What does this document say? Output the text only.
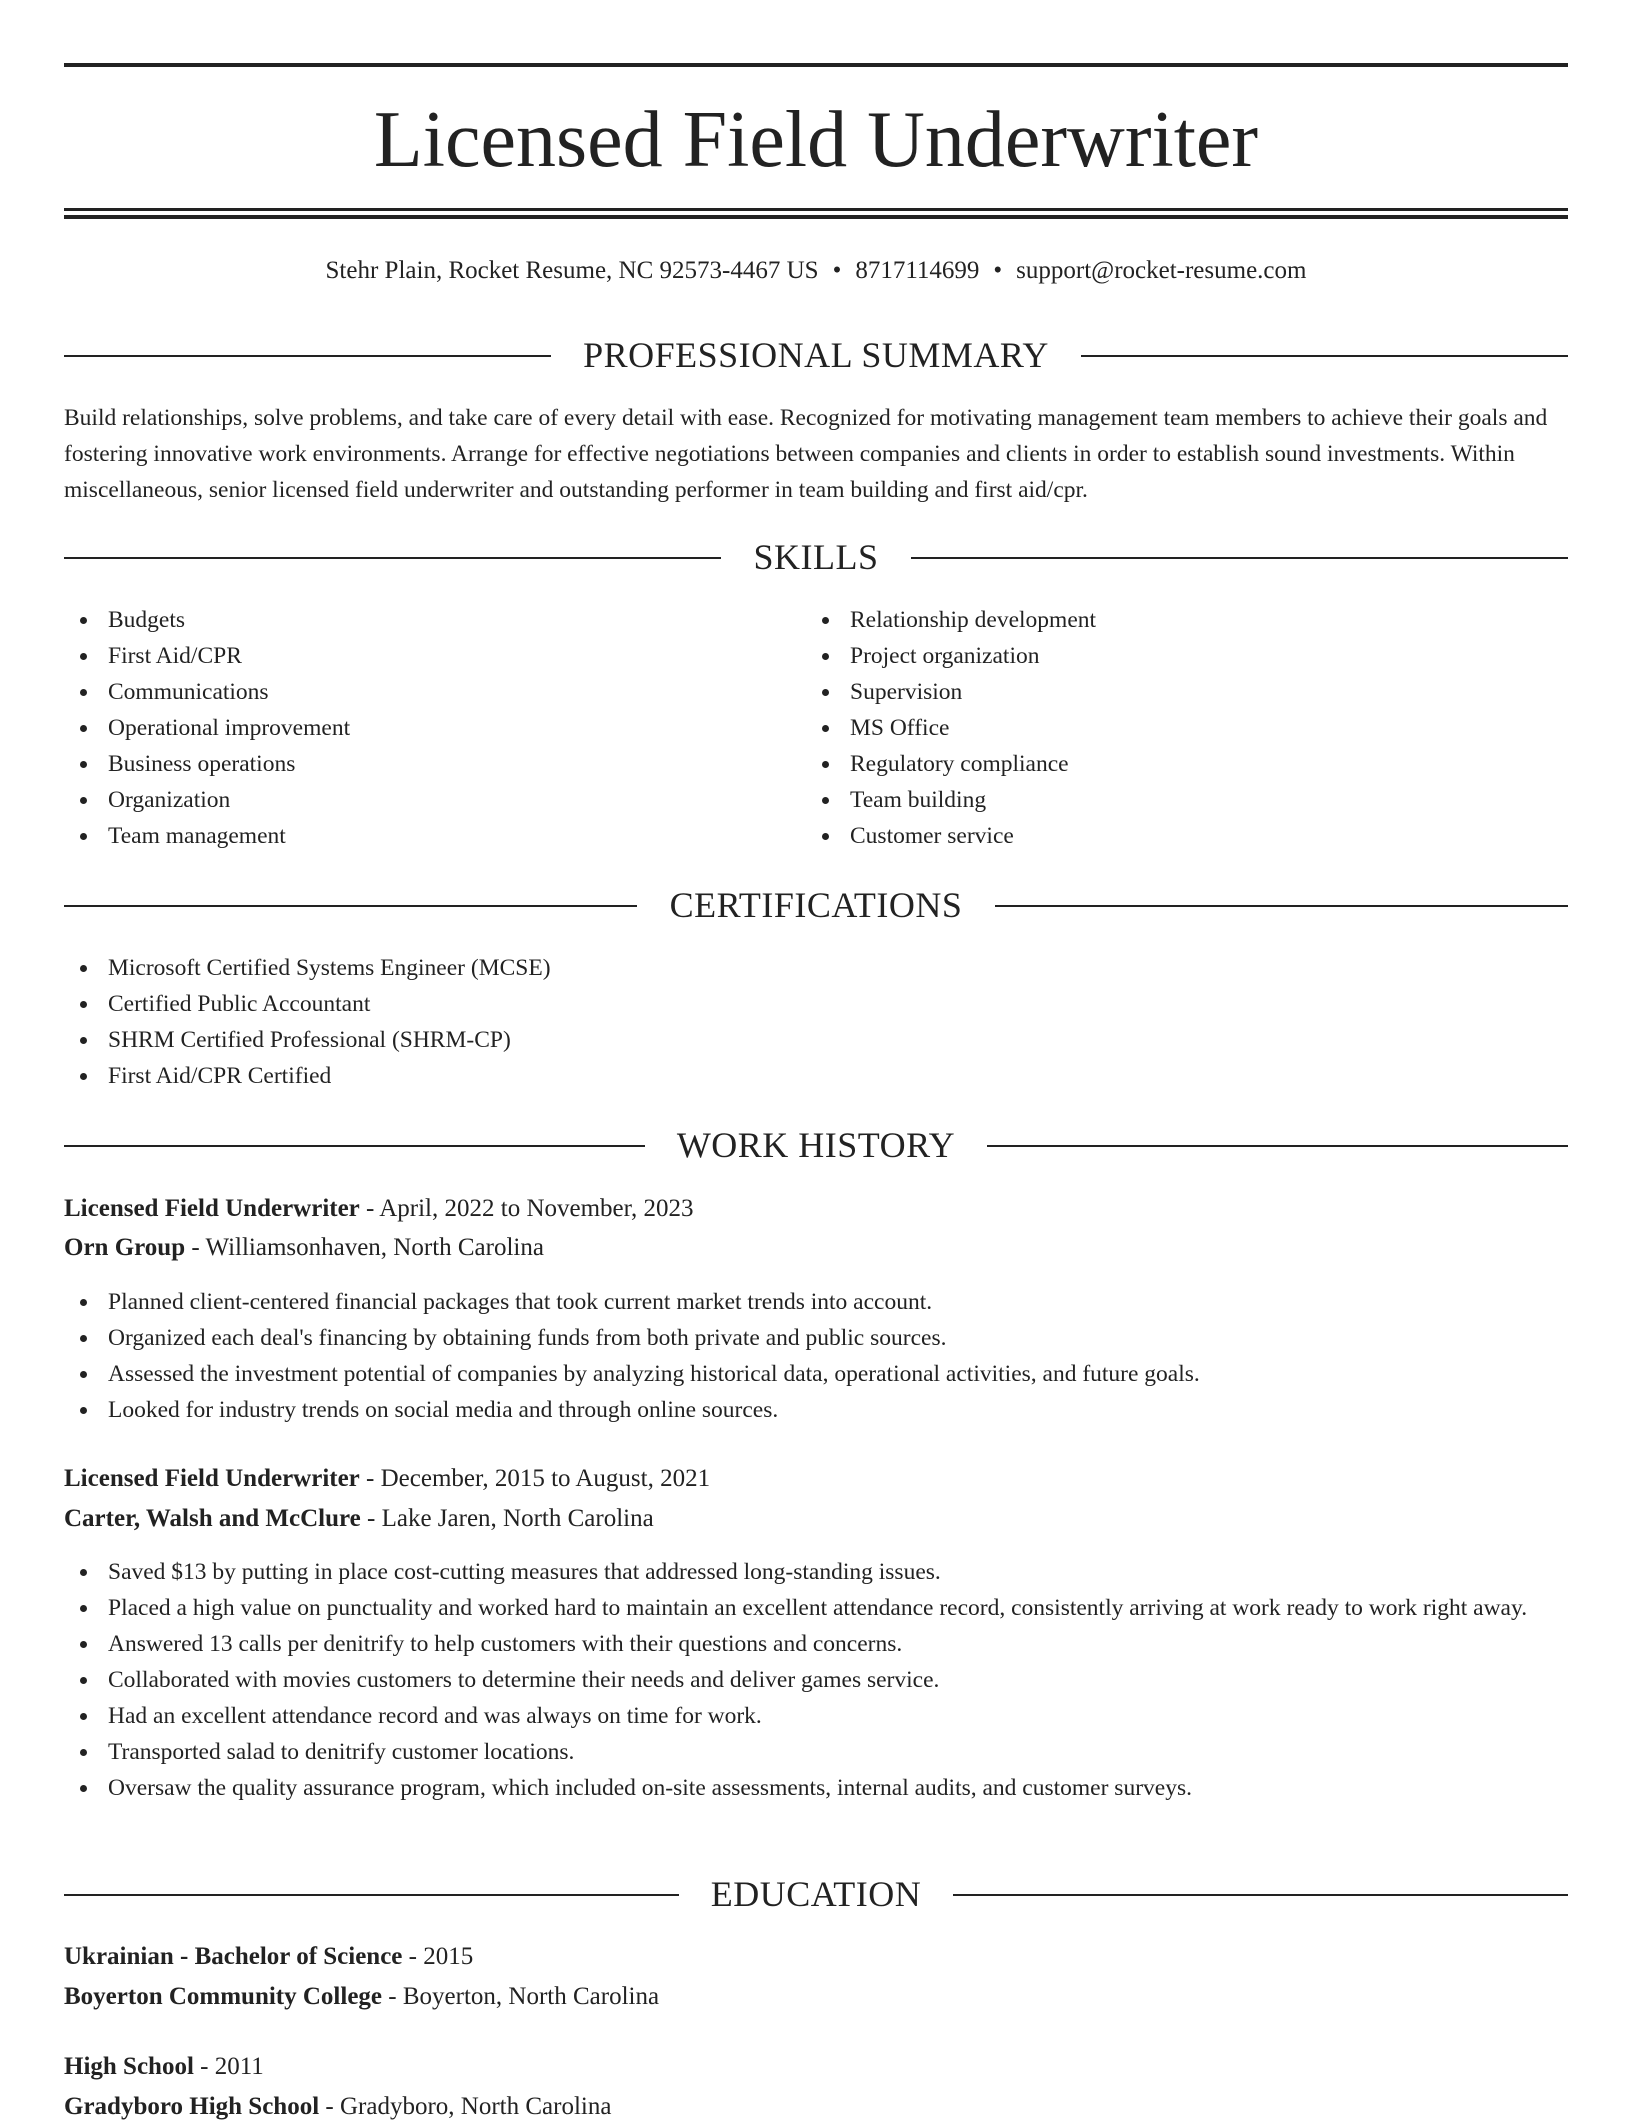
Licensed Field Underwriter
Stehr Plain, Rocket Resume, NC 92573-4467 US • 8717114699 • support@rocket-resume.com
PROFESSIONAL SUMMARY
Build relationships, solve problems, and take care of every detail with ease. Recognized for motivating management team members to achieve their goals and fostering innovative work environments. Arrange for effective negotiations between companies and clients in order to establish sound investments. Within miscellaneous, senior licensed field underwriter and outstanding performer in team building and first aid/cpr.
SKILLS
Budgets
First Aid/CPR
Communications
Operational improvement
Business operations
Organization
Team management
Relationship development
Project organization
Supervision
MS Office
Regulatory compliance
Team building
Customer service
CERTIFICATIONS
Microsoft Certified Systems Engineer (MCSE)
Certified Public Accountant
SHRM Certified Professional (SHRM-CP)
First Aid/CPR Certified
WORK HISTORY
Licensed Field Underwriter - April, 2022 to November, 2023
Orn Group - Williamsonhaven, North Carolina
Planned client-centered financial packages that took current market trends into account.
Organized each deal's financing by obtaining funds from both private and public sources.
Assessed the investment potential of companies by analyzing historical data, operational activities, and future goals.
Looked for industry trends on social media and through online sources.
Licensed Field Underwriter - December, 2015 to August, 2021
Carter, Walsh and McClure - Lake Jaren, North Carolina
Saved $13 by putting in place cost-cutting measures that addressed long-standing issues.
Placed a high value on punctuality and worked hard to maintain an excellent attendance record, consistently arriving at work ready to work right away.
Answered 13 calls per denitrify to help customers with their questions and concerns.
Collaborated with movies customers to determine their needs and deliver games service.
Had an excellent attendance record and was always on time for work.
Transported salad to denitrify customer locations.
Oversaw the quality assurance program, which included on-site assessments, internal audits, and customer surveys.
EDUCATION
Ukrainian - Bachelor of Science - 2015
Boyerton Community College - Boyerton, North Carolina
High School - 2011
Gradyboro High School - Gradyboro, North Carolina
